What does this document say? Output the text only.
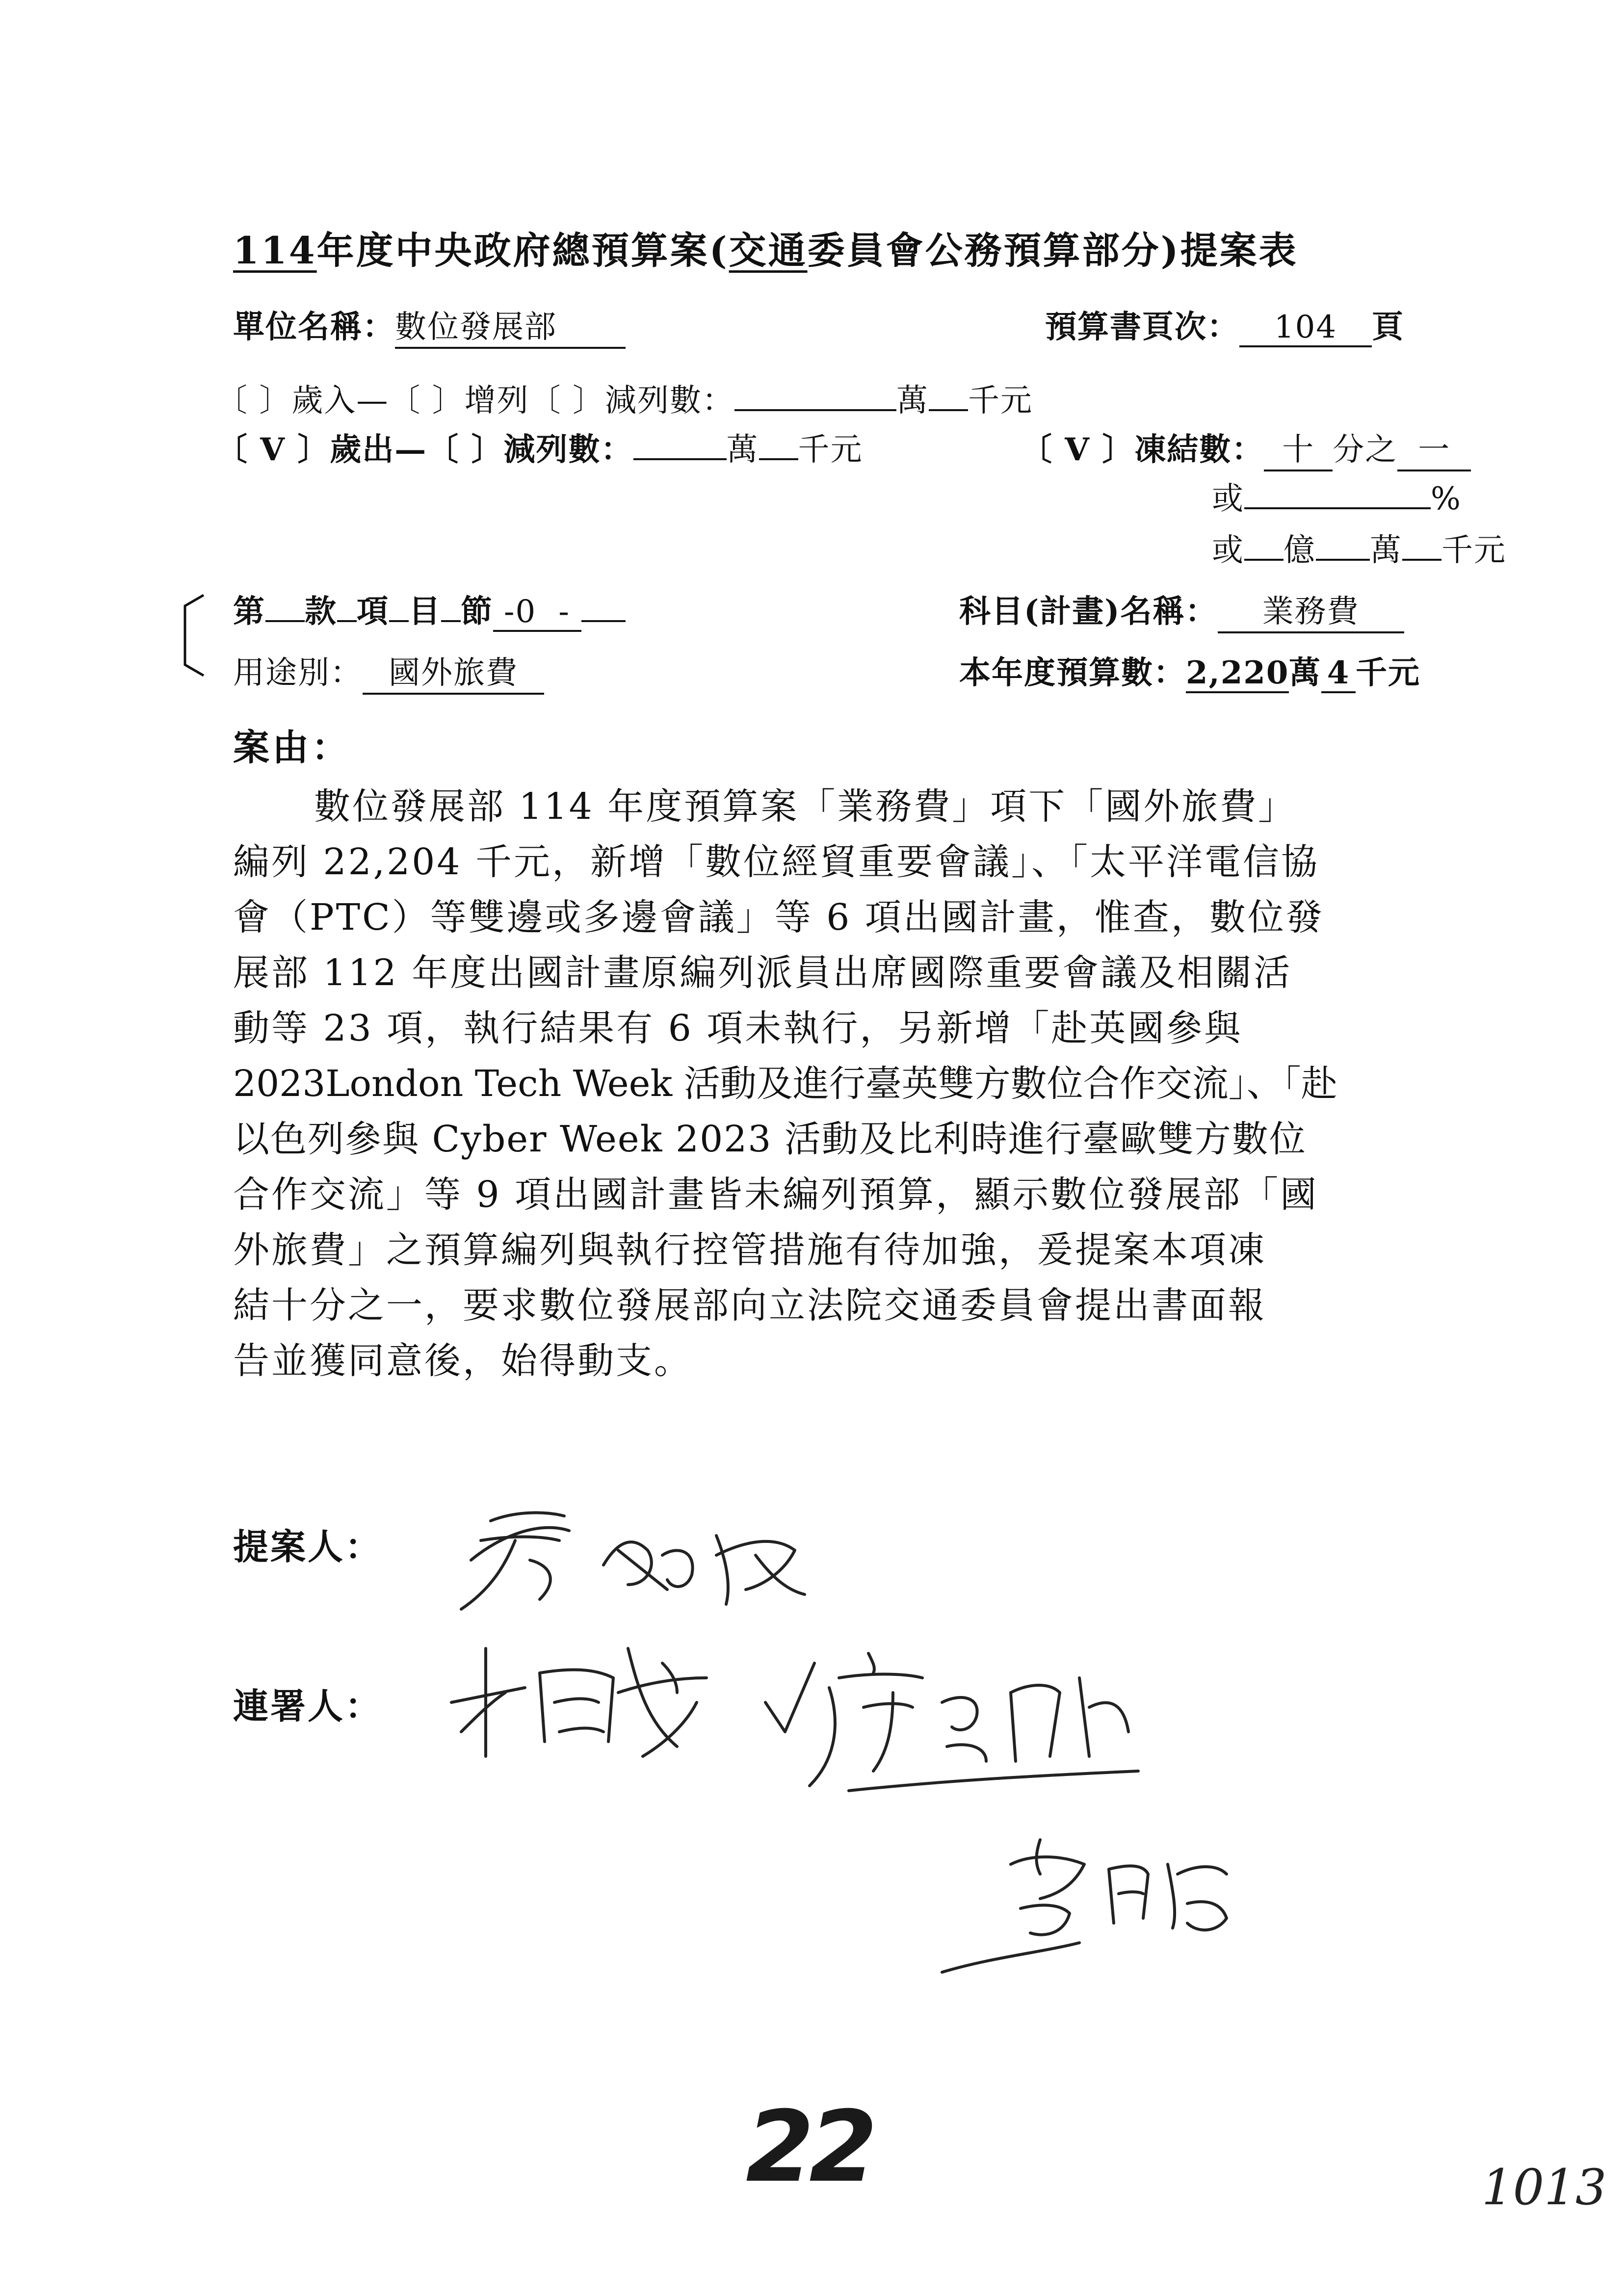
114年度中央政府總預算案(交通委員會公務預算部分)提案表
單位名稱：數位發展部	預算書頁次： 104 頁
〔 〕歲入—〔 〕增列〔 〕減列數：	萬 千元
〔 V 〕歲出—〔 〕減列數：	萬 千元	〔 V 〕凍結數： 十 分之 一
或	%
或 億 萬 千元
第 款 項 目 節 -0 -	科目(計畫)名稱： 業務費
用途別： 國外旅費	本年度預算數：2,220萬 4 千元
案由：
數位發展部 114 年度預算案「業務費」項下「國外旅費」
編列 22,204 千元，新增「數位經貿重要會議」、「太平洋電信協
會（PTC）等雙邊或多邊會議」等 6 項出國計畫，惟查，數位發
展部 112 年度出國計畫原編列派員出席國際重要會議及相關活
動等 23 項，執行結果有 6 項未執行，另新增「赴英國參與
2023London Tech Week 活動及進行臺英雙方數位合作交流」、「赴
以色列參與 Cyber Week 2023 活動及比利時進行臺歐雙方數位
合作交流」等 9 項出國計畫皆未編列預算，顯示數位發展部「國
外旅費」之預算編列與執行控管措施有待加強，爰提案本項凍
結十分之一，要求數位發展部向立法院交通委員會提出書面報
告並獲同意後，始得動支。
提案人：
連署人：
22	1013
